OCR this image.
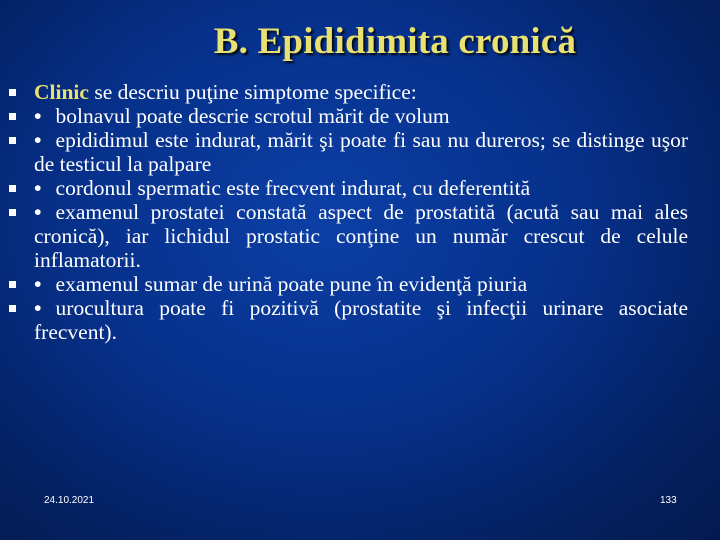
B. Epididimita cronică
Clinic se descriu puţine simptome specifice:
• bolnavul poate descrie scrotul mărit de volum
• epididimul este indurat, mărit şi poate fi sau nu dureros; se distinge uşor de testicul la palpare
• cordonul spermatic este frecvent indurat, cu deferentită
• examenul prostatei constată aspect de prostatită (acută sau mai ales cronică), iar lichidul prostatic conţine un număr crescut de celule inflamatorii.
• examenul sumar de urină poate pune în evidenţă piuria
• urocultura poate fi pozitivă (prostatite şi infecţii urinare asociate frecvent).
24.10.2021	133
